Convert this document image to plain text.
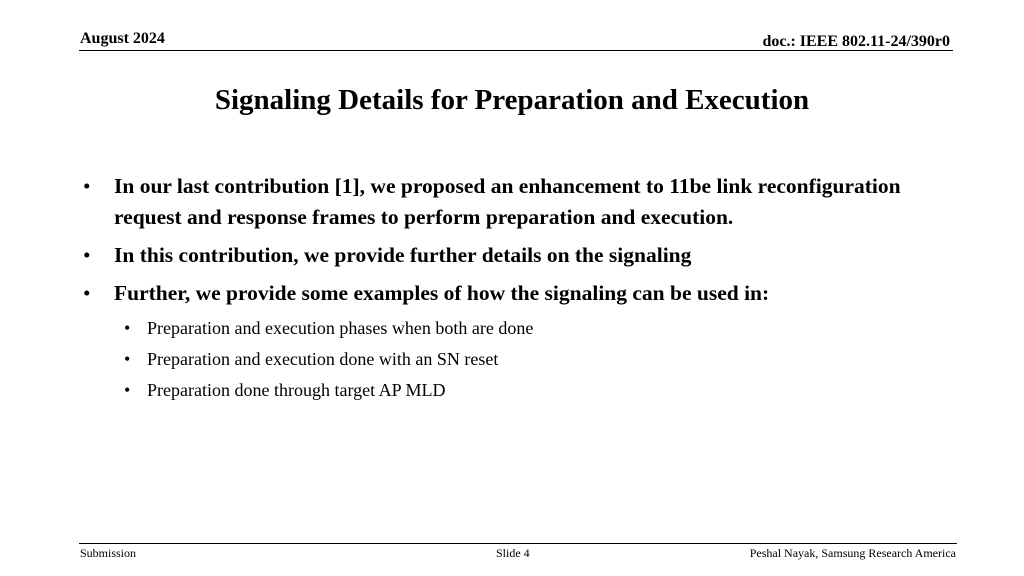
August 2024	doc.: IEEE 802.11-24/390r0
Signaling Details for Preparation and Execution
• In our last contribution [1], we proposed an enhancement to 11be link reconfiguration request and response frames to perform preparation and execution.
• In this contribution, we provide further details on the signaling
• Further, we provide some examples of how the signaling can be used in:
• Preparation and execution phases when both are done
• Preparation and execution done with an SN reset
• Preparation done through target AP MLD
Submission	Slide 4	Peshal Nayak, Samsung Research America
